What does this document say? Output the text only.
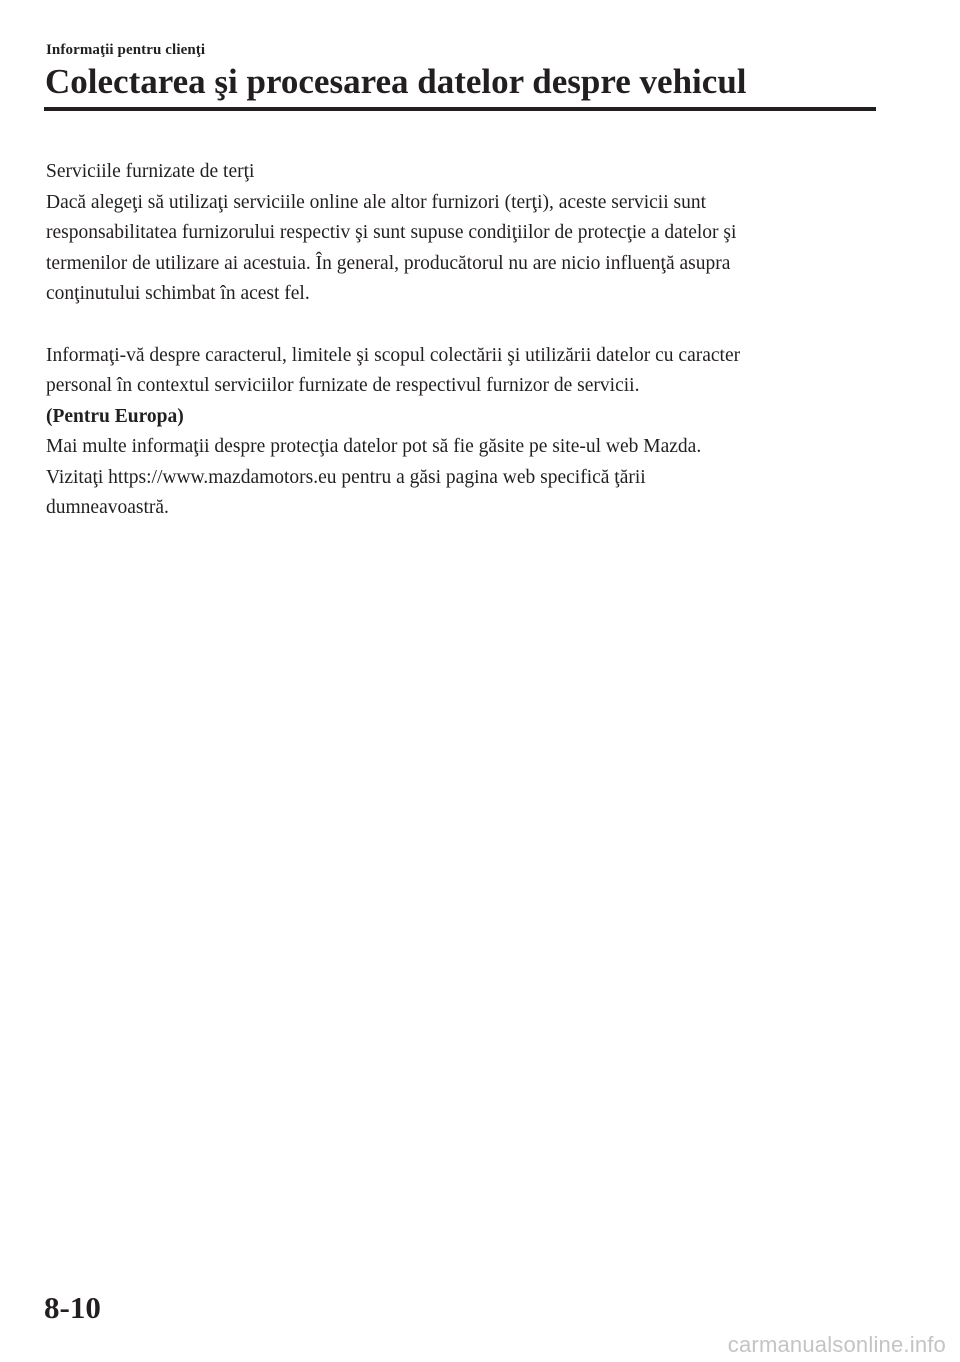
Informaţii pentru clienţi
Colectarea şi procesarea datelor despre vehicul

Serviciile furnizate de terţi

Dacă alegeţi să utilizaţi serviciile online ale altor furnizori (terţi), aceste servicii sunt

responsabilitatea furnizorului respectiv şi sunt supuse condiţiilor de protecţie a datelor şi

termenilor de utilizare ai acestuia. În general, producătorul nu are nicio influenţă asupra

conţinutului schimbat în acest fel.

Informaţi-vă despre caracterul, limitele şi scopul colectării şi utilizării datelor cu caracter

personal în contextul serviciilor furnizate de respectivul furnizor de servicii.

(Pentru Europa)

Mai multe informaţii despre protecţia datelor pot să fie găsite pe site-ul web Mazda.

Vizitaţi https://www.mazdamotors.eu pentru a găsi pagina web specifică ţării

dumneavoastră.

8-10
carmanualsonline.info
